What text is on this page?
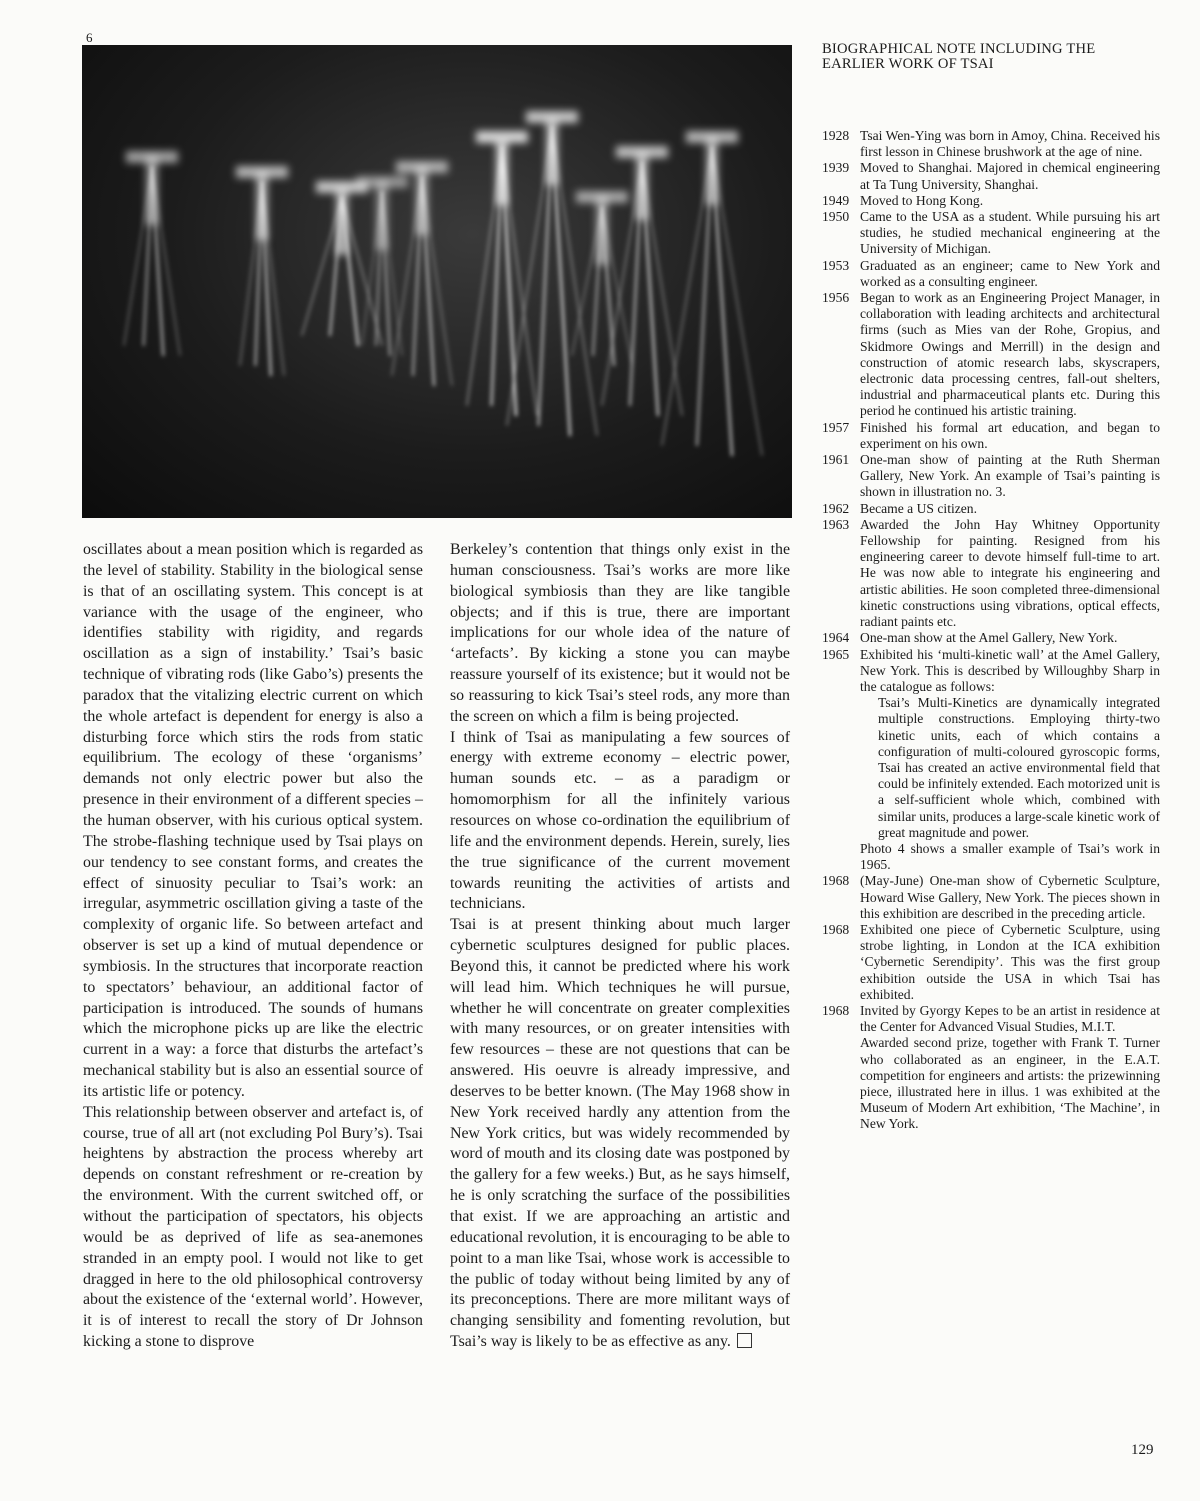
6

oscillates about a mean position which is regarded as the level of stability. Stability in the biological sense is that of an oscillating system. This concept is at variance with the usage of the engineer, who identifies stability with rigidity, and regards oscillation as a sign of instability.’ Tsai’s basic technique of vibrating rods (like Gabo’s) presents the paradox that the vitalizing electric current on which the whole artefact is dependent for energy is also a disturbing force which stirs the rods from static equilibrium. The ecology of these ‘organisms’ demands not only electric power but also the presence in their environment of a different species – the human observer, with his curious optical system. The strobe-flashing technique used by Tsai plays on our tendency to see constant forms, and creates the effect of sinuosity peculiar to Tsai’s work: an irregular, asymmetric oscillation giving a taste of the complexity of organic life. So between artefact and observer is set up a kind of mutual dependence or symbiosis. In the structures that incorporate reaction to spectators’ behaviour, an additional factor of participation is introduced. The sounds of humans which the microphone picks up are like the electric current in a way: a force that disturbs the artefact’s mechanical stability but is also an essential source of its artistic life or potency.

This relationship between observer and artefact is, of course, true of all art (not excluding Pol Bury’s). Tsai heightens by abstraction the process whereby art depends on constant refreshment or re-creation by the environment. With the current switched off, or without the participation of spectators, his objects would be as deprived of life as sea-anemones stranded in an empty pool. I would not like to get dragged in here to the old philosophical controversy about the existence of the ‘external world’. However, it is of interest to recall the story of Dr Johnson kicking a stone to disprove

Berkeley’s contention that things only exist in the human consciousness. Tsai’s works are more like biological symbiosis than they are like tangible objects; and if this is true, there are important implications for our whole idea of the nature of ‘artefacts’. By kicking a stone you can maybe reassure yourself of its existence; but it would not be so reassuring to kick Tsai’s steel rods, any more than the screen on which a film is being projected.

I think of Tsai as manipulating a few sources of energy with extreme economy – electric power, human sounds etc. – as a paradigm or homomorphism for all the infinitely various resources on whose co-ordination the equilibrium of life and the environment depends. Herein, surely, lies the true significance of the current movement towards reuniting the activities of artists and technicians.

Tsai is at present thinking about much larger cybernetic sculptures designed for public places. Beyond this, it cannot be predicted where his work will lead him. Which techniques he will pursue, whether he will concentrate on greater complexities with many resources, or on greater intensities with few resources – these are not questions that can be answered. His oeuvre is already impressive, and deserves to be better known. (The May 1968 show in New York received hardly any attention from the New York critics, but was widely recommended by word of mouth and its closing date was postponed by the gallery for a few weeks.) But, as he says himself, he is only scratching the surface of the possibilities that exist. If we are approaching an artistic and educational revolution, it is encouraging to be able to point to a man like Tsai, whose work is accessible to the public of today without being limited by any of its preconceptions. There are more militant ways of changing sensibility and fomenting revolution, but Tsai’s way is likely to be as effective as any.

BIOGRAPHICAL NOTE INCLUDING THE EARLIER WORK OF TSAI
1928 Tsai Wen-Ying was born in Amoy, China. Received his first lesson in Chinese brushwork at the age of nine.

1939 Moved to Shanghai. Majored in chemical engineering at Ta Tung University, Shanghai.

1949 Moved to Hong Kong.

1950 Came to the USA as a student. While pursuing his art studies, he studied mechanical engineering at the University of Michigan.

1953 Graduated as an engineer; came to New York and worked as a consulting engineer.

1956 Began to work as an Engineering Project Manager, in collaboration with leading architects and architectural firms (such as Mies van der Rohe, Gropius, and Skidmore Owings and Merrill) in the design and construction of atomic research labs, skyscrapers, electronic data processing centres, fall-out shelters, industrial and pharmaceutical plants etc. During this period he continued his artistic training.

1957 Finished his formal art education, and began to experiment on his own.

1961 One-man show of painting at the Ruth Sherman Gallery, New York. An example of Tsai’s painting is shown in illustration no. 3.

1962 Became a US citizen.

1963 Awarded the John Hay Whitney Opportunity Fellowship for painting. Resigned from his engineering career to devote himself full-time to art. He was now able to integrate his engineering and artistic abilities. He soon completed three-dimensional kinetic constructions using vibrations, optical effects, radiant paints etc.

1964 One-man show at the Amel Gallery, New York.

1965 Exhibited his ‘multi-kinetic wall’ at the Amel Gallery, New York. This is described by Willoughby Sharp in the catalogue as follows:

Tsai’s Multi-Kinetics are dynamically integrated multiple constructions. Employing thirty-two kinetic units, each of which contains a configuration of multi-coloured gyroscopic forms, Tsai has created an active environmental field that could be infinitely extended. Each motorized unit is a self-sufficient whole which, combined with similar units, produces a large-scale kinetic work of great magnitude and power.

Photo 4 shows a smaller example of Tsai’s work in 1965.

1968 (May-June) One-man show of Cybernetic Sculpture, Howard Wise Gallery, New York. The pieces shown in this exhibition are described in the preceding article.

1968 Exhibited one piece of Cybernetic Sculpture, using strobe lighting, in London at the ICA exhibition ‘Cybernetic Serendipity’. This was the first group exhibition outside the USA in which Tsai has exhibited.

1968 Invited by Gyorgy Kepes to be an artist in residence at the Center for Advanced Visual Studies, M.I.T.

Awarded second prize, together with Frank T. Turner who collaborated as an engineer, in the E.A.T. competition for engineers and artists: the prizewinning piece, illustrated here in illus. 1 was exhibited at the Museum of Modern Art exhibition, ‘The Machine’, in New York.

129
